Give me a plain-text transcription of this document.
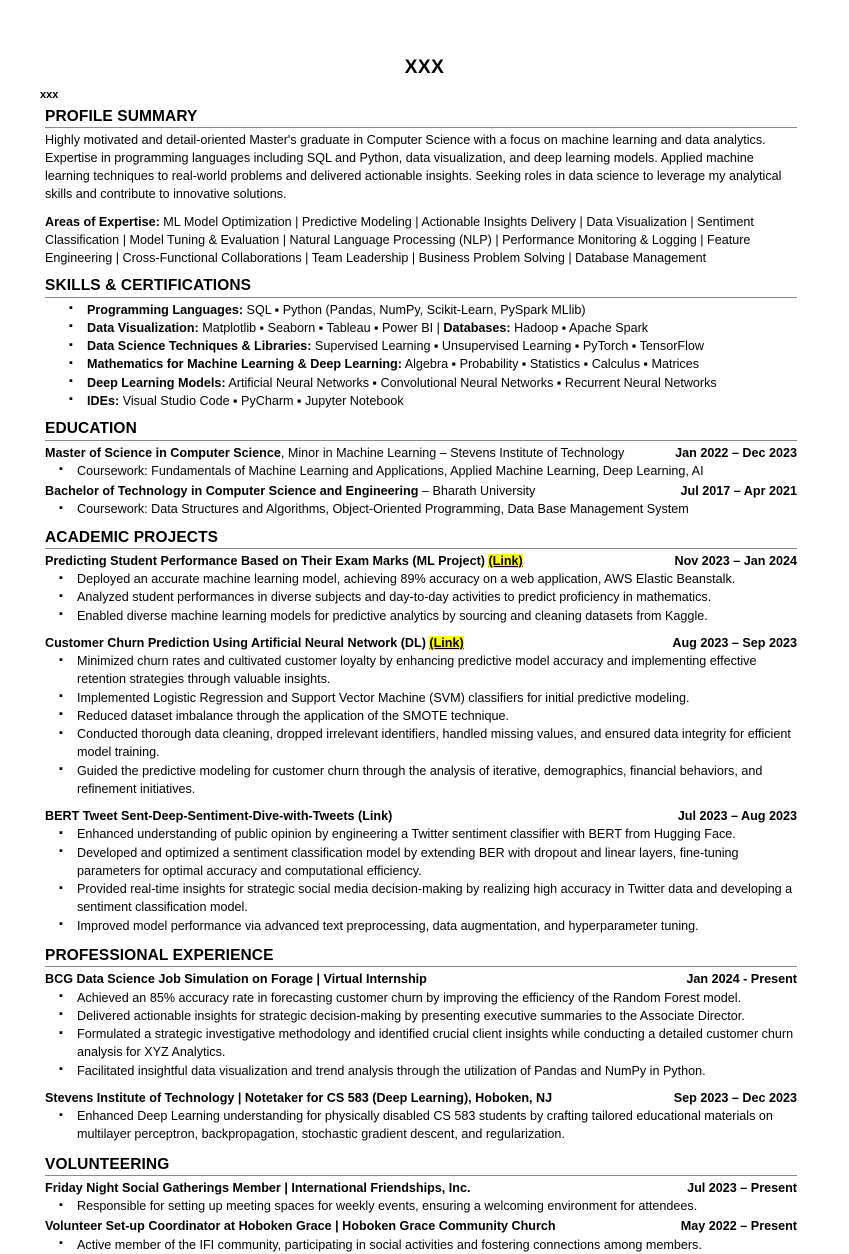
XXX
xxx
PROFILE SUMMARY

Highly motivated and detail-oriented Master's graduate in Computer Science with a focus on machine learning and data analytics. Expertise in programming languages including SQL and Python, data visualization, and deep learning models. Applied machine learning techniques to real-world problems and delivered actionable insights. Seeking roles in data science to leverage my analytical skills and contribute to innovative solutions.

Areas of Expertise: ML Model Optimization | Predictive Modeling | Actionable Insights Delivery | Data Visualization | Sentiment Classification | Model Tuning & Evaluation | Natural Language Processing (NLP) | Performance Monitoring & Logging | Feature Engineering | Cross-Functional Collaborations | Team Leadership | Business Problem Solving | Database Management

SKILLS & CERTIFICATIONS
▪ Programming Languages: SQL ▪ Python (Pandas, NumPy, Scikit-Learn, PySpark MLlib)
▪ Data Visualization: Matplotlib ▪ Seaborn ▪ Tableau ▪ Power BI | Databases: Hadoop ▪ Apache Spark
▪ Data Science Techniques & Libraries: Supervised Learning ▪ Unsupervised Learning ▪ PyTorch ▪ TensorFlow
▪ Mathematics for Machine Learning & Deep Learning: Algebra ▪ Probability ▪ Statistics ▪ Calculus ▪ Matrices
▪ Deep Learning Models: Artificial Neural Networks ▪ Convolutional Neural Networks ▪ Recurrent Neural Networks
▪ IDEs: Visual Studio Code ▪ PyCharm ▪ Jupyter Notebook
EDUCATION
Master of Science in Computer Science, Minor in Machine Learning – Stevens Institute of Technology	Jan 2022 – Dec 2023
▪ Coursework: Fundamentals of Machine Learning and Applications, Applied Machine Learning, Deep Learning, AI
Bachelor of Technology in Computer Science and Engineering – Bharath University	Jul 2017 – Apr 2021
▪ Coursework: Data Structures and Algorithms, Object-Oriented Programming, Data Base Management System
ACADEMIC PROJECTS
Predicting Student Performance Based on Their Exam Marks (ML Project) (Link)	Nov 2023 – Jan 2024
▪ Deployed an accurate machine learning model, achieving 89% accuracy on a web application, AWS Elastic Beanstalk.
▪ Analyzed student performances in diverse subjects and day-to-day activities to predict proficiency in mathematics.
▪ Enabled diverse machine learning models for predictive analytics by sourcing and cleaning datasets from Kaggle.
Customer Churn Prediction Using Artificial Neural Network (DL) (Link)	Aug 2023 – Sep 2023
▪ Minimized churn rates and cultivated customer loyalty by enhancing predictive model accuracy and implementing effective retention strategies through valuable insights.
▪ Implemented Logistic Regression and Support Vector Machine (SVM) classifiers for initial predictive modeling.
▪ Reduced dataset imbalance through the application of the SMOTE technique.
▪ Conducted thorough data cleaning, dropped irrelevant identifiers, handled missing values, and ensured data integrity for efficient model training.
▪ Guided the predictive modeling for customer churn through the analysis of iterative, demographics, financial behaviors, and refinement initiatives.
BERT Tweet Sent-Deep-Sentiment-Dive-with-Tweets (Link)	Jul 2023 – Aug 2023
▪ Enhanced understanding of public opinion by engineering a Twitter sentiment classifier with BERT from Hugging Face.
▪ Developed and optimized a sentiment classification model by extending BER with dropout and linear layers, fine-tuning parameters for optimal accuracy and computational efficiency.
▪ Provided real-time insights for strategic social media decision-making by realizing high accuracy in Twitter data and developing a sentiment classification model.
▪ Improved model performance via advanced text preprocessing, data augmentation, and hyperparameter tuning.
PROFESSIONAL EXPERIENCE
BCG Data Science Job Simulation on Forage | Virtual Internship	Jan 2024 - Present
▪ Achieved an 85% accuracy rate in forecasting customer churn by improving the efficiency of the Random Forest model.
▪ Delivered actionable insights for strategic decision-making by presenting executive summaries to the Associate Director.
▪ Formulated a strategic investigative methodology and identified crucial client insights while conducting a detailed customer churn analysis for XYZ Analytics.
▪ Facilitated insightful data visualization and trend analysis through the utilization of Pandas and NumPy in Python.
Stevens Institute of Technology | Notetaker for CS 583 (Deep Learning), Hoboken, NJ	Sep 2023 – Dec 2023
▪ Enhanced Deep Learning understanding for physically disabled CS 583 students by crafting tailored educational materials on multilayer perceptron, backpropagation, stochastic gradient descent, and regularization.
VOLUNTEERING
Friday Night Social Gatherings Member | International Friendships, Inc.	Jul 2023 – Present
▪ Responsible for setting up meeting spaces for weekly events, ensuring a welcoming environment for attendees.
Volunteer Set-up Coordinator at Hoboken Grace | Hoboken Grace Community Church	May 2022 – Present
▪ Active member of the IFI community, participating in social activities and fostering connections among members.
